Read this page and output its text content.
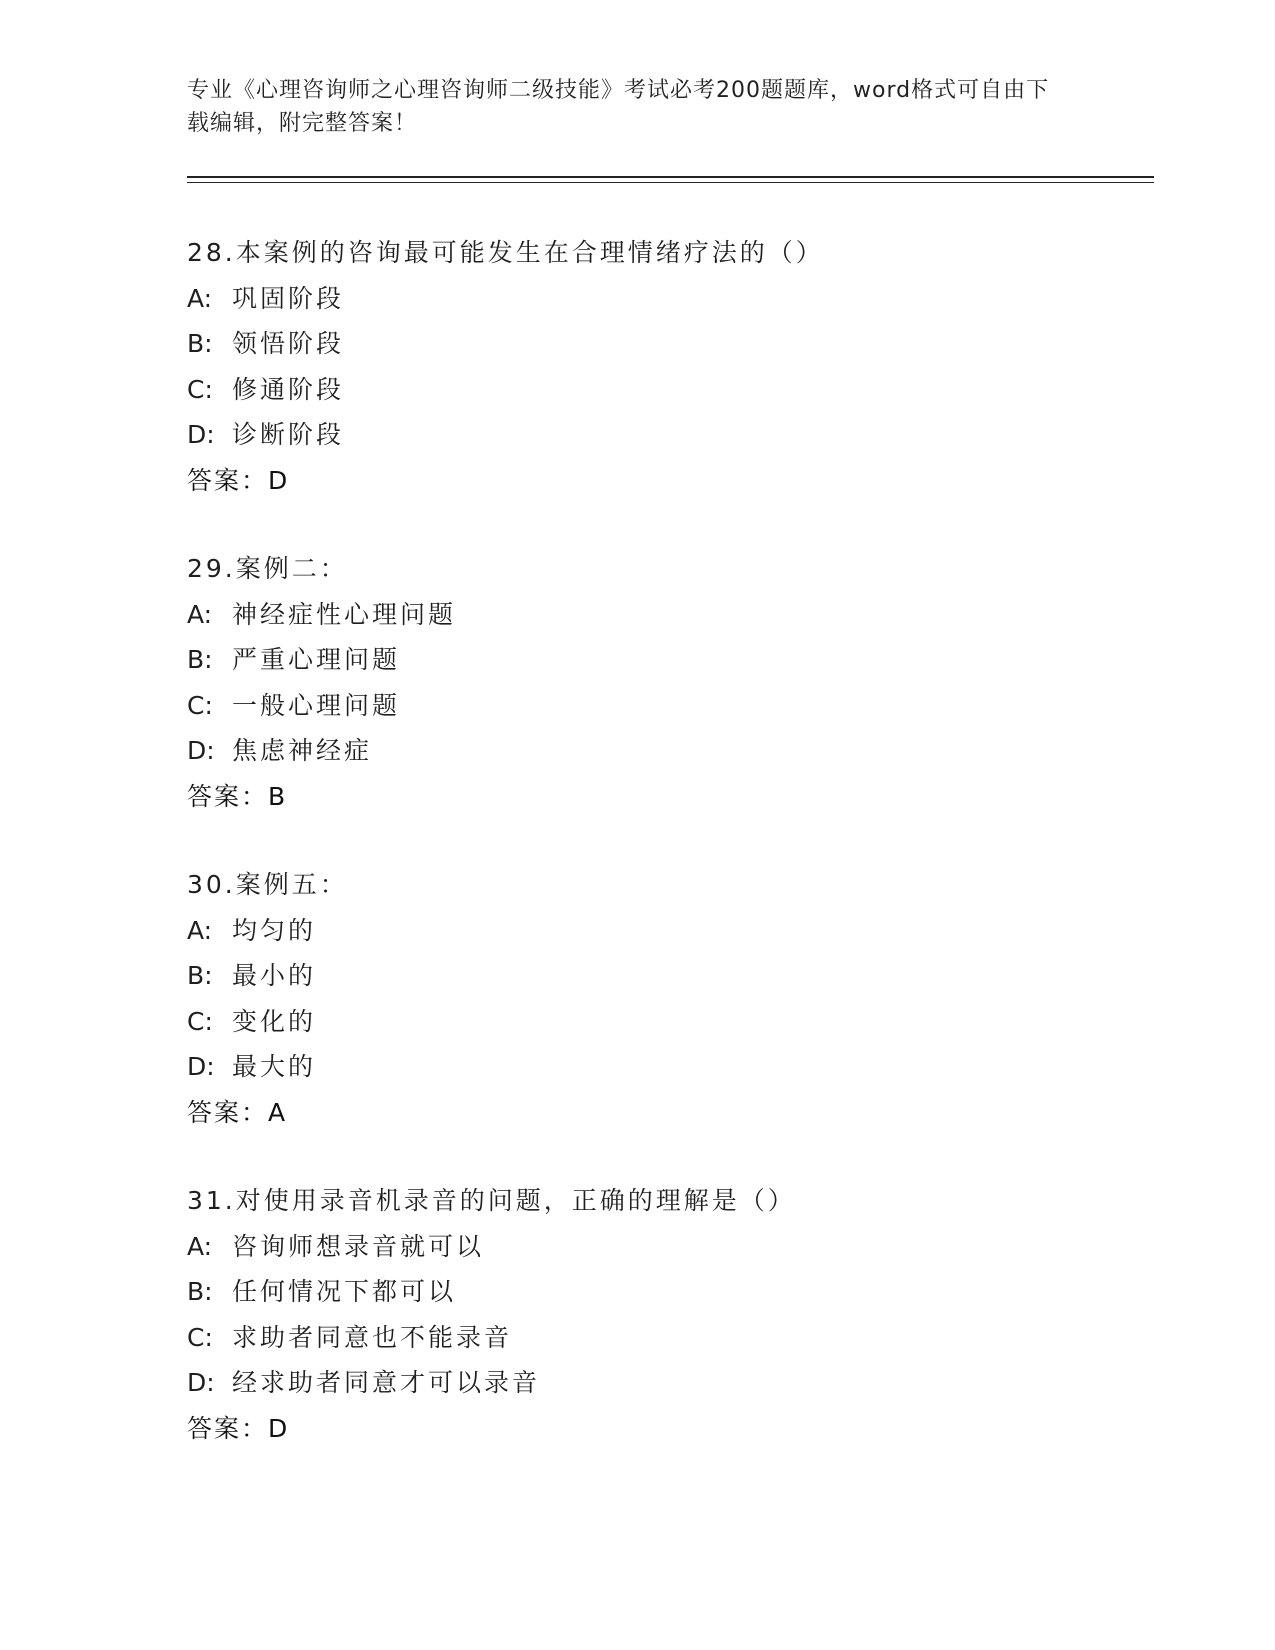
专业《心理咨询师之心理咨询师二级技能》考试必考200题题库，word格式可自由下载编辑，附完整答案！
28.本案例的咨询最可能发生在合理情绪疗法的（）
A: 巩固阶段
B: 领悟阶段
C: 修通阶段
D: 诊断阶段
答案：D
29.案例二：
A: 神经症性心理问题
B: 严重心理问题
C: 一般心理问题
D: 焦虑神经症
答案：B
30.案例五：
A: 均匀的
B: 最小的
C: 变化的
D: 最大的
答案：A
31.对使用录音机录音的问题，正确的理解是（）
A: 咨询师想录音就可以
B: 任何情况下都可以
C: 求助者同意也不能录音
D: 经求助者同意才可以录音
答案：D
